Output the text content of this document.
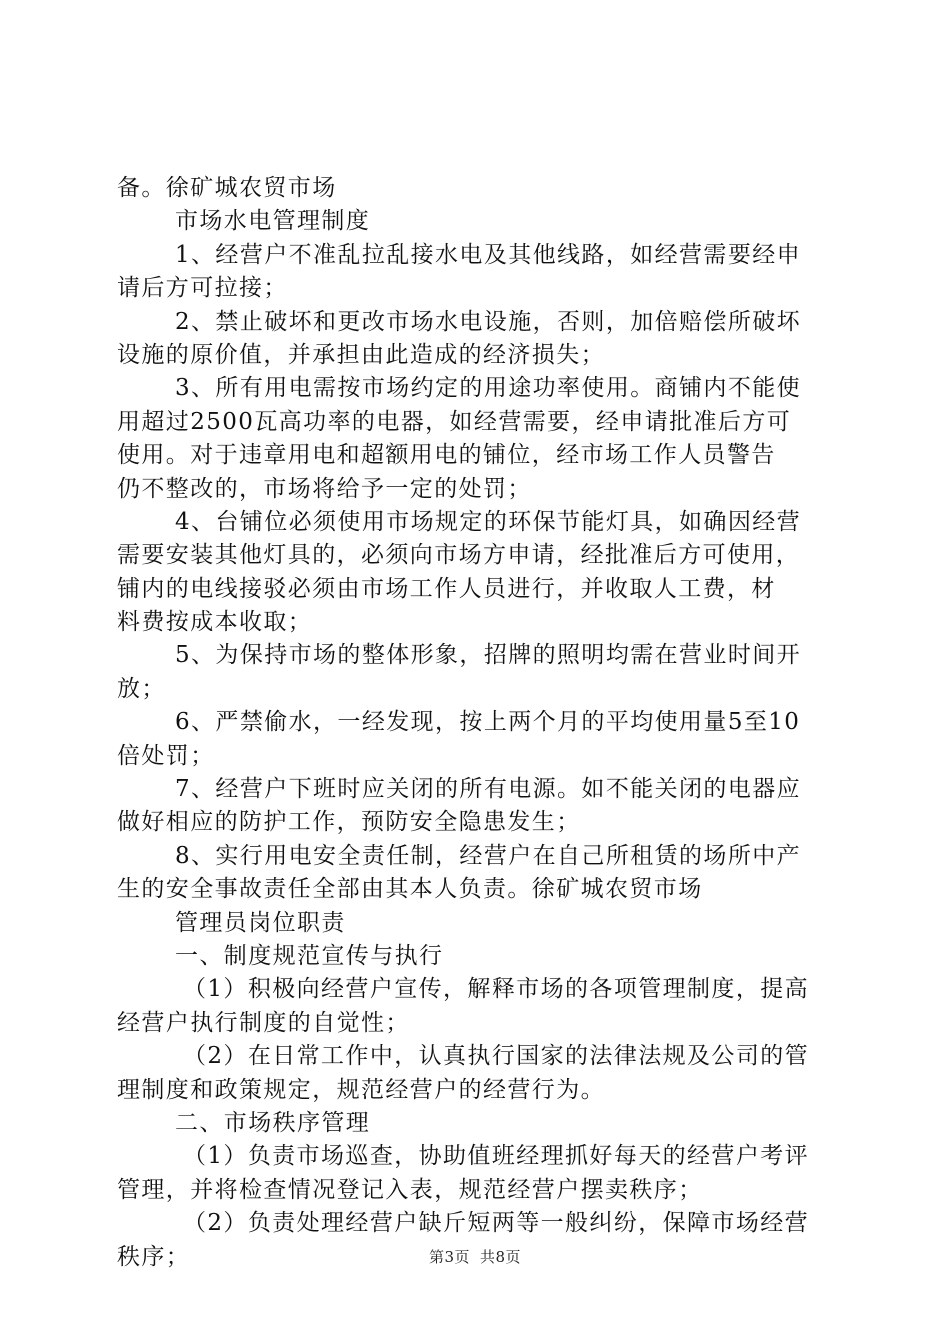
备。徐矿城农贸市场
市场水电管理制度
1、经营户不准乱拉乱接水电及其他线路，如经营需要经申
请后方可拉接；
2、禁止破坏和更改市场水电设施，否则，加倍赔偿所破坏
设施的原价值，并承担由此造成的经济损失；
3、所有用电需按市场约定的用途功率使用。商铺内不能使
用超过2500瓦高功率的电器，如经营需要，经申请批准后方可
使用。对于违章用电和超额用电的铺位，经市场工作人员警告
仍不整改的，市场将给予一定的处罚；
4、台铺位必须使用市场规定的环保节能灯具，如确因经营
需要安装其他灯具的，必须向市场方申请，经批准后方可使用，
铺内的电线接驳必须由市场工作人员进行，并收取人工费，材
料费按成本收取；
5、为保持市场的整体形象，招牌的照明均需在营业时间开
放；
6、严禁偷水，一经发现，按上两个月的平均使用量5至10
倍处罚；
7、经营户下班时应关闭的所有电源。如不能关闭的电器应
做好相应的防护工作，预防安全隐患发生；
8、实行用电安全责任制，经营户在自己所租赁的场所中产
生的安全事故责任全部由其本人负责。徐矿城农贸市场
管理员岗位职责
一、制度规范宣传与执行
（1）积极向经营户宣传，解释市场的各项管理制度，提高
经营户执行制度的自觉性；
（2）在日常工作中，认真执行国家的法律法规及公司的管
理制度和政策规定，规范经营户的经营行为。
二、市场秩序管理
（1）负责市场巡查，协助值班经理抓好每天的经营户考评
管理，并将检查情况登记入表，规范经营户摆卖秩序；
（2）负责处理经营户缺斤短两等一般纠纷，保障市场经营
秩序；	第3页 共8页
